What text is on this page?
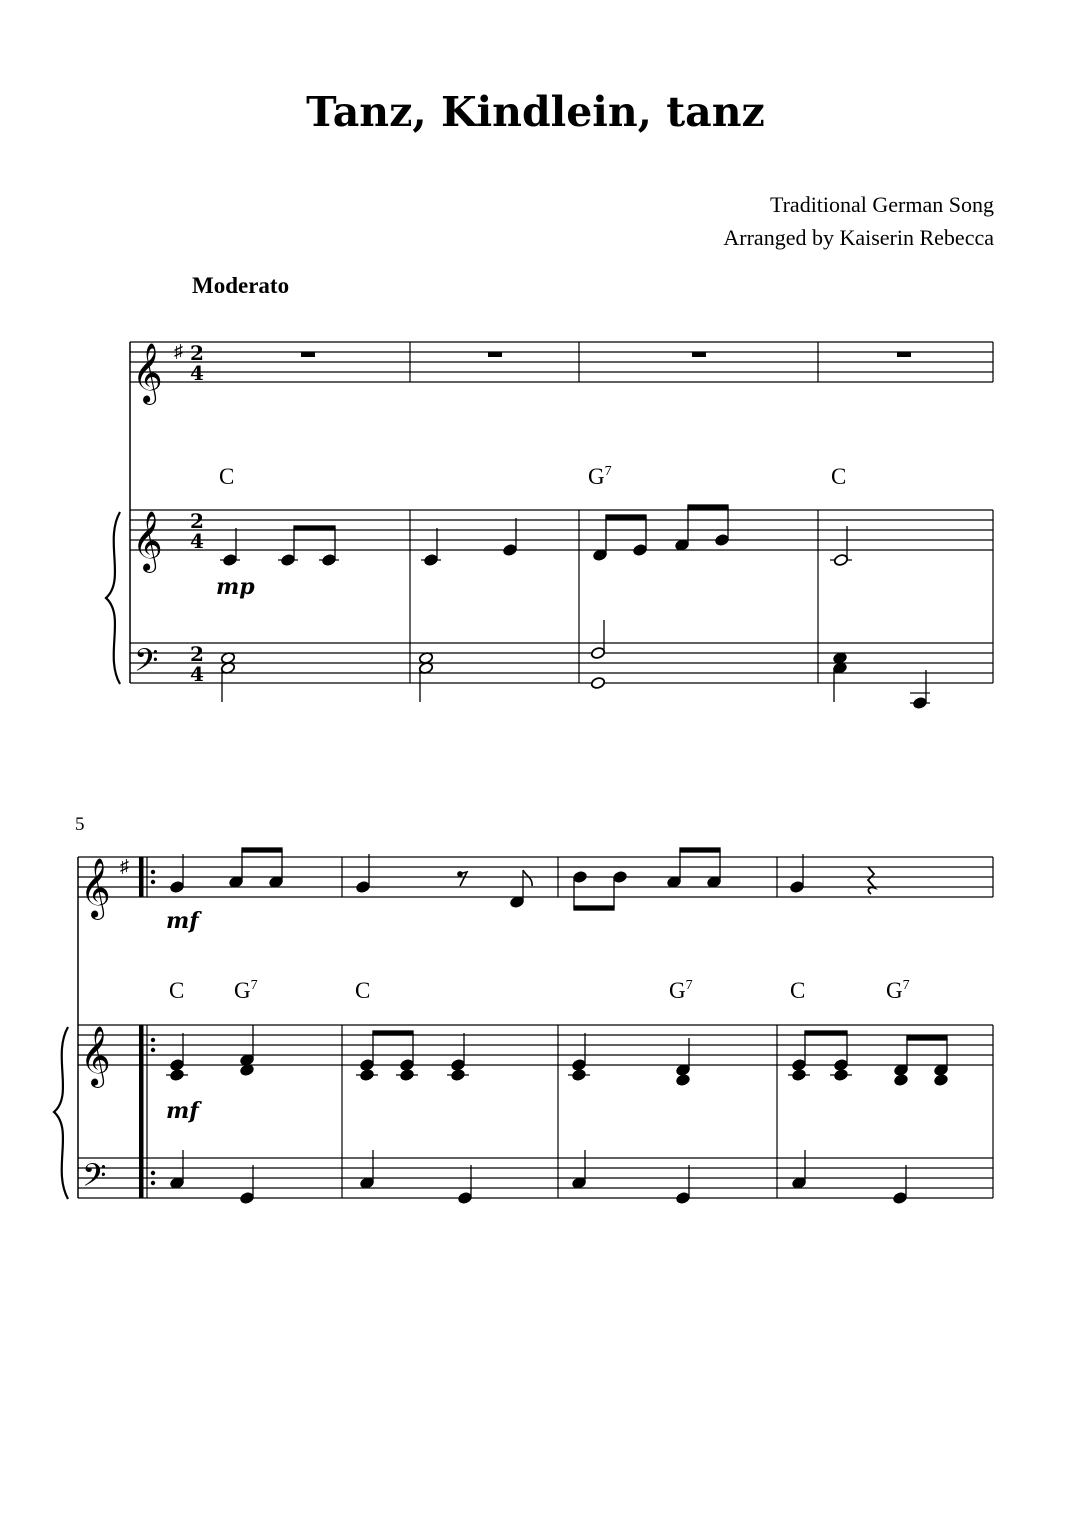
Tanz, Kindlein, tanz
Traditional German Song
Arranged by Kaiserin Rebecca
Moderato
𝄞 ♯ 2
4
𝄞 2
4
𝄢 2
4
𝄞 ♯
𝄞
𝄢
C	$G^7$	C
mp
5
mf
mf
C $G^7$	C	$G^7$	C	$G^7$
